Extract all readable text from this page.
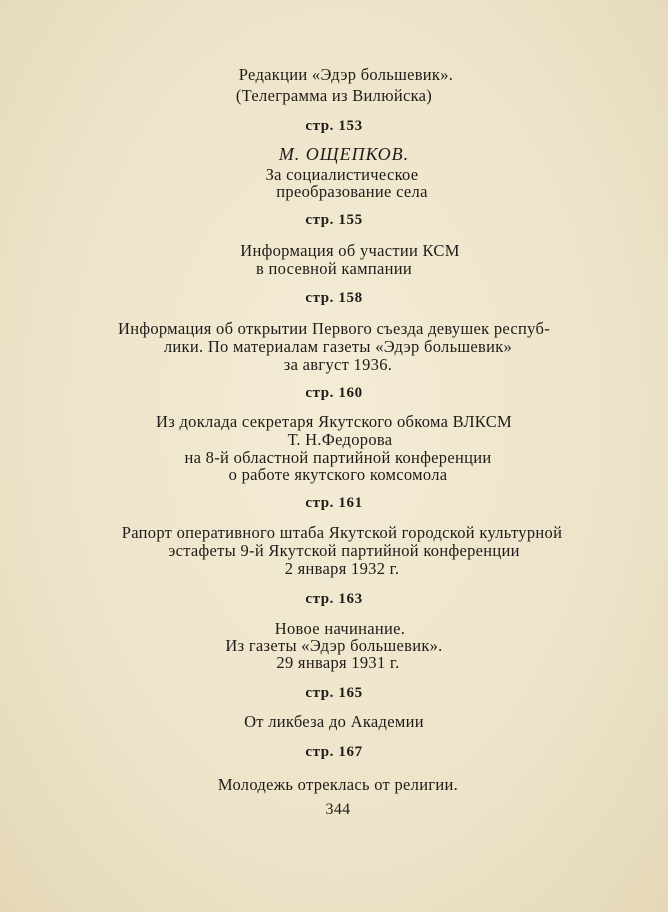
Редакции «Эдэр большевик».
(Телеграмма из Вилюйска)
стр. 153
М. ОЩЕПКОВ.
За социалистическое
преобразование села
стр. 155
Информация об участии КСМ
в посевной кампании
стр. 158
Информация об открытии Первого съезда девушек респуб-
лики. По материалам газеты «Эдэр большевик»
за август 1936.
стр. 160
Из доклада секретаря Якутского обкома ВЛКСМ
Т. Н.Федорова
на 8-й областной партийной конференции
о работе якутского комсомола
стр. 161
Рапорт оперативного штаба Якутской городской культурной
эстафеты 9-й Якутской партийной конференции
2 января 1932 г.
стр. 163
Новое начинание.
Из газеты «Эдэр большевик».
29 января 1931 г.
стр. 165
От ликбеза до Академии
стр. 167
Молодежь отреклась от религии.
344
